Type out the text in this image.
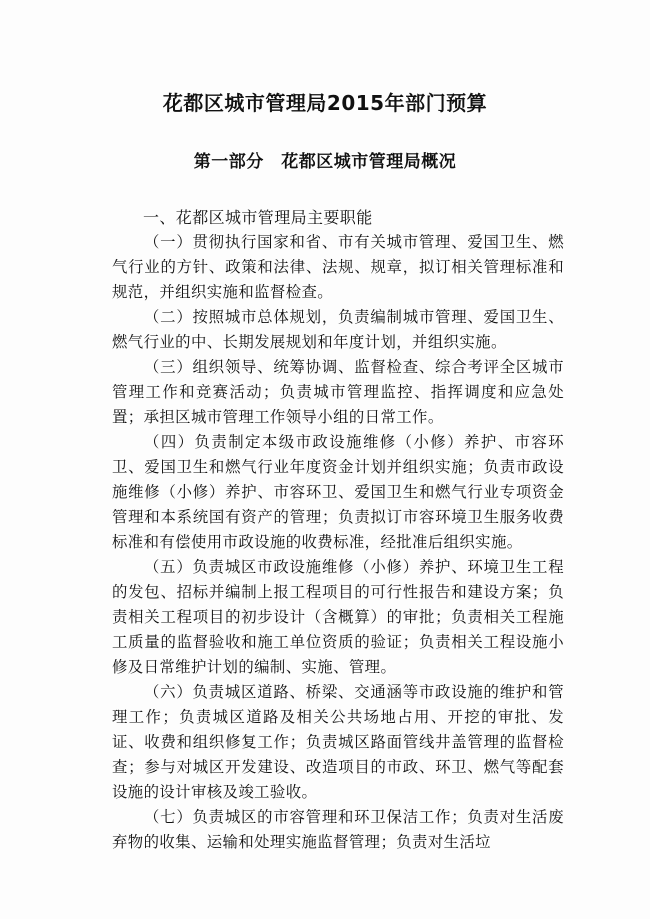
花都区城市管理局2015年部门预算
第一部分　花都区城市管理局概况

一、花都区城市管理局主要职能

（一）贯彻执行国家和省、市有关城市管理、爱国卫生、燃气行业的方针、政策和法律、法规、规章，拟订相关管理标准和规范，并组织实施和监督检查。

（二）按照城市总体规划，负责编制城市管理、爱国卫生、燃气行业的中、长期发展规划和年度计划，并组织实施。

（三）组织领导、统筹协调、监督检查、综合考评全区城市管理工作和竞赛活动；负责城市管理监控、指挥调度和应急处置；承担区城市管理工作领导小组的日常工作。

（四）负责制定本级市政设施维修（小修）养护、市容环卫、爱国卫生和燃气行业年度资金计划并组织实施；负责市政设施维修（小修）养护、市容环卫、爱国卫生和燃气行业专项资金管理和本系统国有资产的管理；负责拟订市容环境卫生服务收费标准和有偿使用市政设施的收费标准，经批准后组织实施。

（五）负责城区市政设施维修（小修）养护、环境卫生工程的发包、招标并编制上报工程项目的可行性报告和建设方案；负责相关工程项目的初步设计（含概算）的审批；负责相关工程施工质量的监督验收和施工单位资质的验证；负责相关工程设施小修及日常维护计划的编制、实施、管理。

（六）负责城区道路、桥梁、交通涵等市政设施的维护和管理工作；负责城区道路及相关公共场地占用、开挖的审批、发证、收费和组织修复工作；负责城区路面管线井盖管理的监督检查；参与对城区开发建设、改造项目的市政、环卫、燃气等配套设施的设计审核及竣工验收。

（七）负责城区的市容管理和环卫保洁工作；负责对生活废弃物的收集、运输和处理实施监督管理；负责对生活垃
